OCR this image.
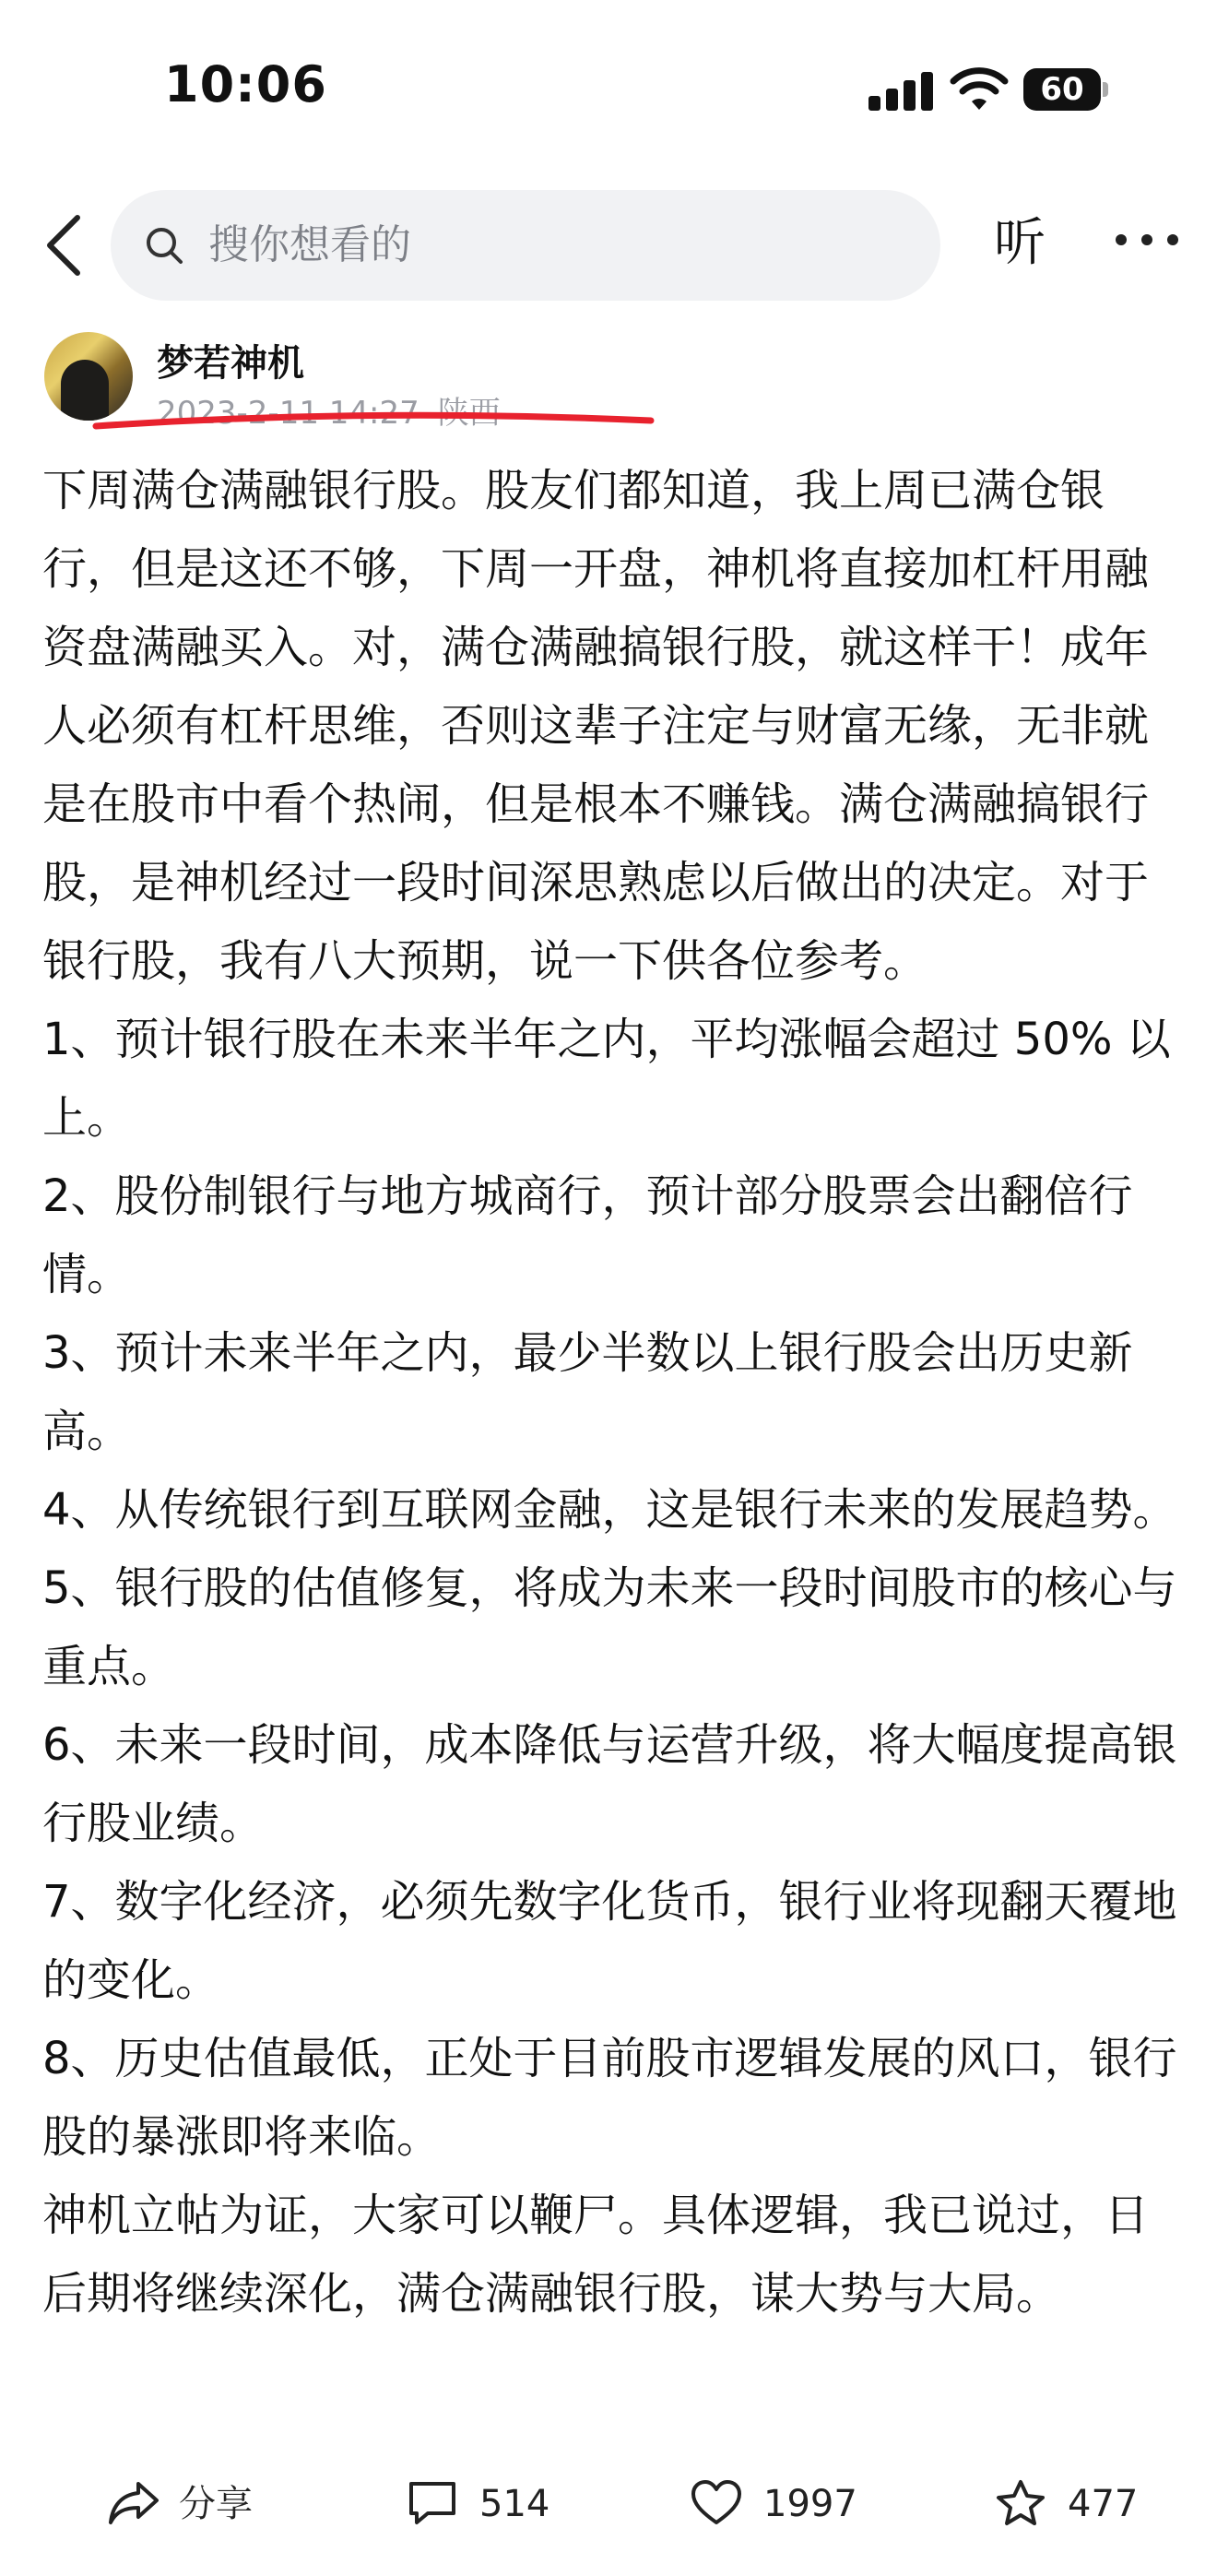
10:06	60
搜你想看的	听
梦若神机
2023-2-11 14:27 陕西

下周满仓满融银行股。股友们都知道，我上周已满仓银行，但是这还不够，下周一开盘，神机将直接加杠杆用融资盘满融买入。对，满仓满融搞银行股，就这样干！成年人必须有杠杆思维，否则这辈子注定与财富无缘，无非就是在股市中看个热闹，但是根本不赚钱。满仓满融搞银行股，是神机经过一段时间深思熟虑以后做出的决定。对于银行股，我有八大预期，说一下供各位参考。

1、预计银行股在未来半年之内，平均涨幅会超过 50% 以上。

2、股份制银行与地方城商行，预计部分股票会出翻倍行情。

3、预计未来半年之内，最少半数以上银行股会出历史新高。

4、从传统银行到互联网金融，这是银行未来的发展趋势。

5、银行股的估值修复，将成为未来一段时间股市的核心与重点。

6、未来一段时间，成本降低与运营升级，将大幅度提高银行股业绩。

7、数字化经济，必须先数字化货币，银行业将现翻天覆地的变化。

8、历史估值最低，正处于目前股市逻辑发展的风口，银行股的暴涨即将来临。

神机立帖为证，大家可以鞭尸。具体逻辑，我已说过，日后期将继续深化，满仓满融银行股，谋大势与大局。

分享	514	1997	477
